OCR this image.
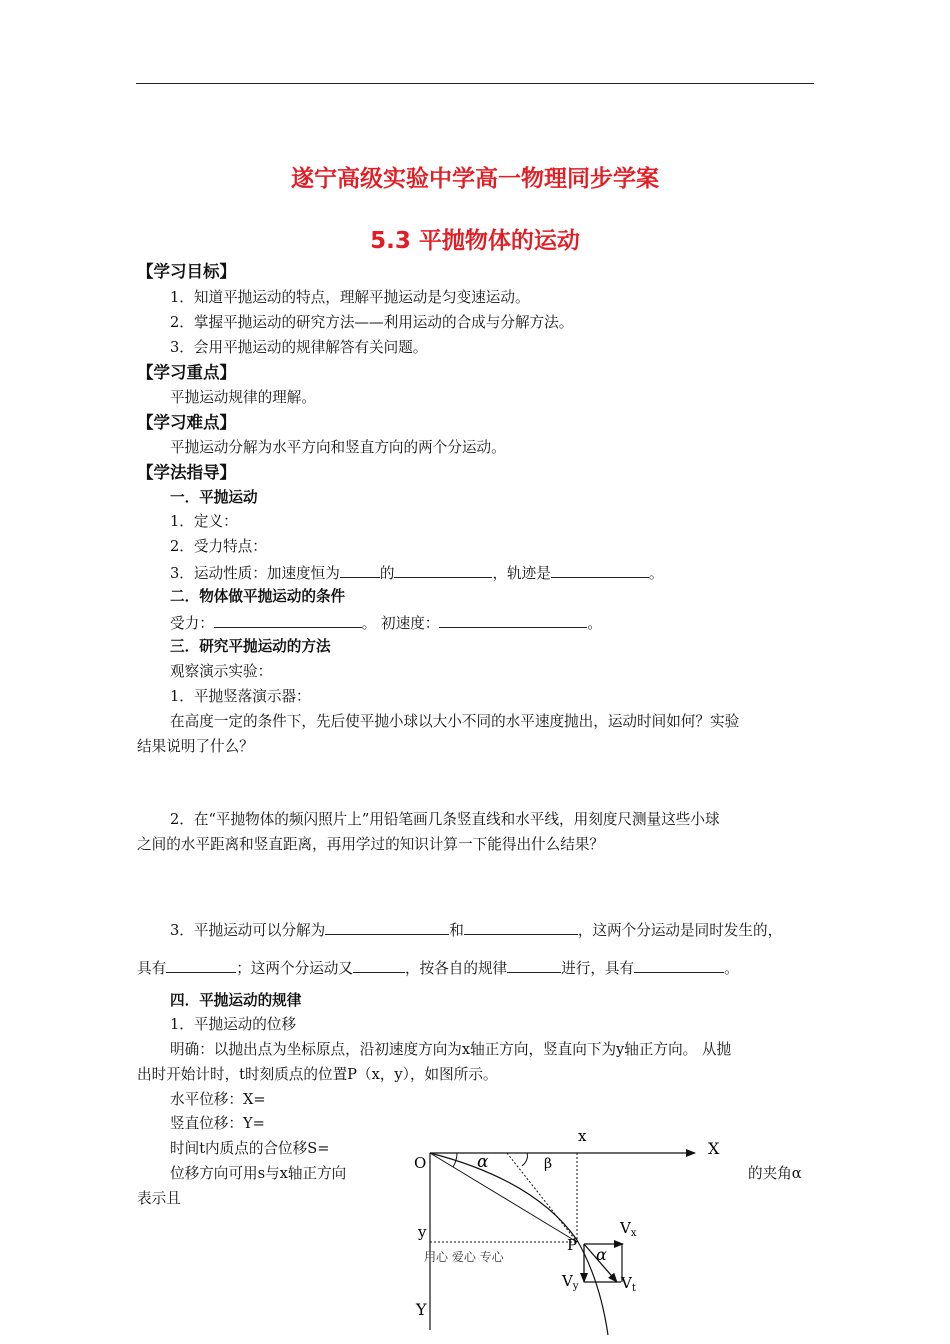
遂宁高级实验中学高一物理同步学案
5.3 平抛物体的运动
【学习目标】
1．知道平抛运动的特点，理解平抛运动是匀变速运动。
2．掌握平抛运动的研究方法——利用运动的合成与分解方法。
3．会用平抛运动的规律解答有关问题。
【学习重点】
平抛运动规律的理解。
【学习难点】
平抛运动分解为水平方向和竖直方向的两个分运动。
【学法指导】
一．平抛运动
1．定义：
2．受力特点：
3．运动性质：加速度恒为	的	，轨迹是	。
二．物体做平抛运动的条件
受力：	。 初速度：	。
三．研究平抛运动的方法
观察演示实验：
1．平抛竖落演示器：
在高度一定的条件下，先后使平抛小球以大小不同的水平速度抛出，运动时间如何？实验
结果说明了什么？
2．在“平抛物体的频闪照片上”用铅笔画几条竖直线和水平线，用刻度尺测量这些小球
之间的水平距离和竖直距离，再用学过的知识计算一下能得出什么结果？
3．平抛运动可以分解为	和	，这两个分运动是同时发生的，
具有	；这两个分运动又	，按各自的规律	进行，具有	。
四．平抛运动的规律
1．平抛运动的位移
明确：以抛出点为坐标原点，沿初速度方向为x轴正方向，竖直向下为y轴正方向。 从抛
出时开始计时，t时刻质点的位置P（x，y），如图所示。
水平位移：X=
竖直位移：Y=
时间t内质点的合位移S=
位移方向可用s与x轴正方向	的夹角α
表示且
x
X
O	α	β
y
Y
P α
$V_x$
$V_y$	$V_t$
用心 爱心 专心
